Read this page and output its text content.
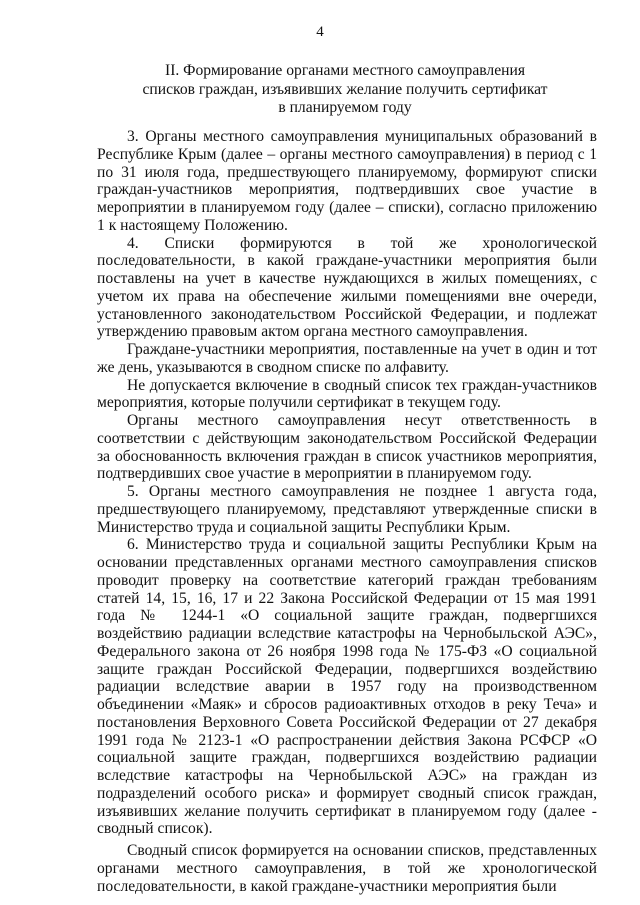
4
II. Формирование органами местного самоуправления
списков граждан, изъявивших желание получить сертификат
в планируемом году

3. Органы местного самоуправления муниципальных образований в Республике Крым (далее – органы местного самоуправления) в период с 1 по 31 июля года, предшествующего планируемому, формируют списки граждан-участников мероприятия, подтвердивших свое участие в мероприятии в планируемом году (далее – списки), согласно приложению 1 к настоящему Положению.

4. Списки формируются в той же хронологической последовательности, в какой граждане-участники мероприятия были поставлены на учет в качестве нуждающихся в жилых помещениях, с учетом их права на обеспечение жилыми помещениями вне очереди, установленного законодательством Российской Федерации, и подлежат утверждению правовым актом органа местного самоуправления.

Граждане-участники мероприятия, поставленные на учет в один и тот же день, указываются в сводном списке по алфавиту.

Не допускается включение в сводный список тех граждан-участников мероприятия, которые получили сертификат в текущем году.

Органы местного самоуправления несут ответственность в соответствии с действующим законодательством Российской Федерации за обоснованность включения граждан в список участников мероприятия, подтвердивших свое участие в мероприятии в планируемом году.

5. Органы местного самоуправления не позднее 1 августа года, предшествующего планируемому, представляют утвержденные списки в Министерство труда и социальной защиты Республики Крым.

6. Министерство труда и социальной защиты Республики Крым на основании представленных органами местного самоуправления списков проводит проверку на соответствие категорий граждан требованиям статей 14, 15, 16, 17 и 22 Закона Российской Федерации от 15 мая 1991 года № 1244-1 «О социальной защите граждан, подвергшихся воздействию радиации вследствие катастрофы на Чернобыльской АЭС», Федерального закона от 26 ноября 1998 года № 175-ФЗ «О социальной защите граждан Российской Федерации, подвергшихся воздействию радиации вследствие аварии в 1957 году на производственном объединении «Маяк» и сбросов радиоактивных отходов в реку Теча» и постановления Верховного Совета Российской Федерации от 27 декабря 1991 года № 2123-1 «О распространении действия Закона РСФСР «О социальной защите граждан, подвергшихся воздействию радиации вследствие катастрофы на Чернобыльской АЭС» на граждан из подразделений особого риска» и формирует сводный список граждан, изъявивших желание получить сертификат в планируемом году (далее - сводный список).

Сводный список формируется на основании списков, представленных органами местного самоуправления, в той же хронологической последовательности, в какой граждане-участники мероприятия были
